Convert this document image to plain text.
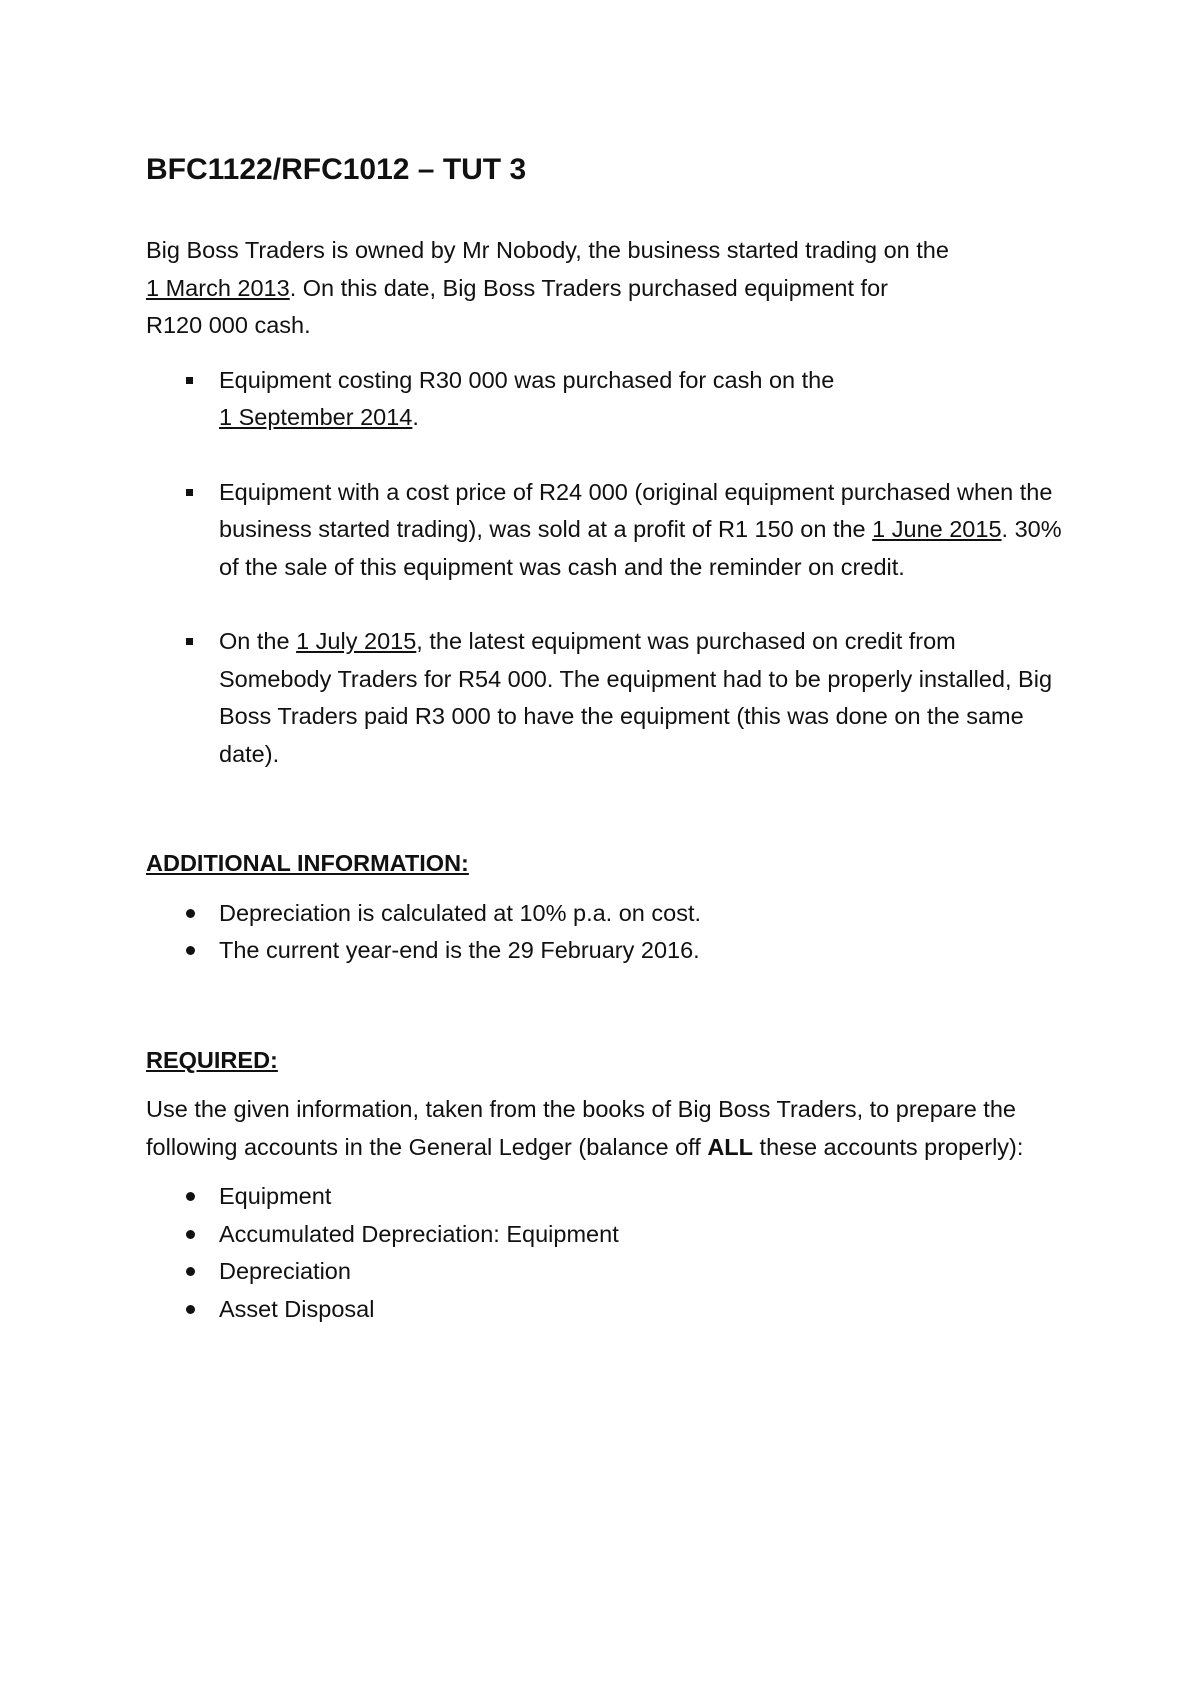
BFC1122/RFC1012 – TUT 3

Big Boss Traders is owned by Mr Nobody, the business started trading on the
1 March 2013. On this date, Big Boss Traders purchased equipment for
R120 000 cash.

Equipment costing R30 000 was purchased for cash on the
1 September 2014.
Equipment with a cost price of R24 000 (original equipment purchased when the business started trading), was sold at a profit of R1 150 on the 1 June 2015. 30% of the sale of this equipment was cash and the reminder on credit.
On the 1 July 2015, the latest equipment was purchased on credit from Somebody Traders for R54 000. The equipment had to be properly installed, Big Boss Traders paid R3 000 to have the equipment (this was done on the same date).

ADDITIONAL INFORMATION:

Depreciation is calculated at 10% p.a. on cost.
The current year-end is the 29 February 2016.

REQUIRED:

Use the given information, taken from the books of Big Boss Traders, to prepare the following accounts in the General Ledger (balance off ALL these accounts properly):

Equipment
Accumulated Depreciation: Equipment
Depreciation
Asset Disposal
